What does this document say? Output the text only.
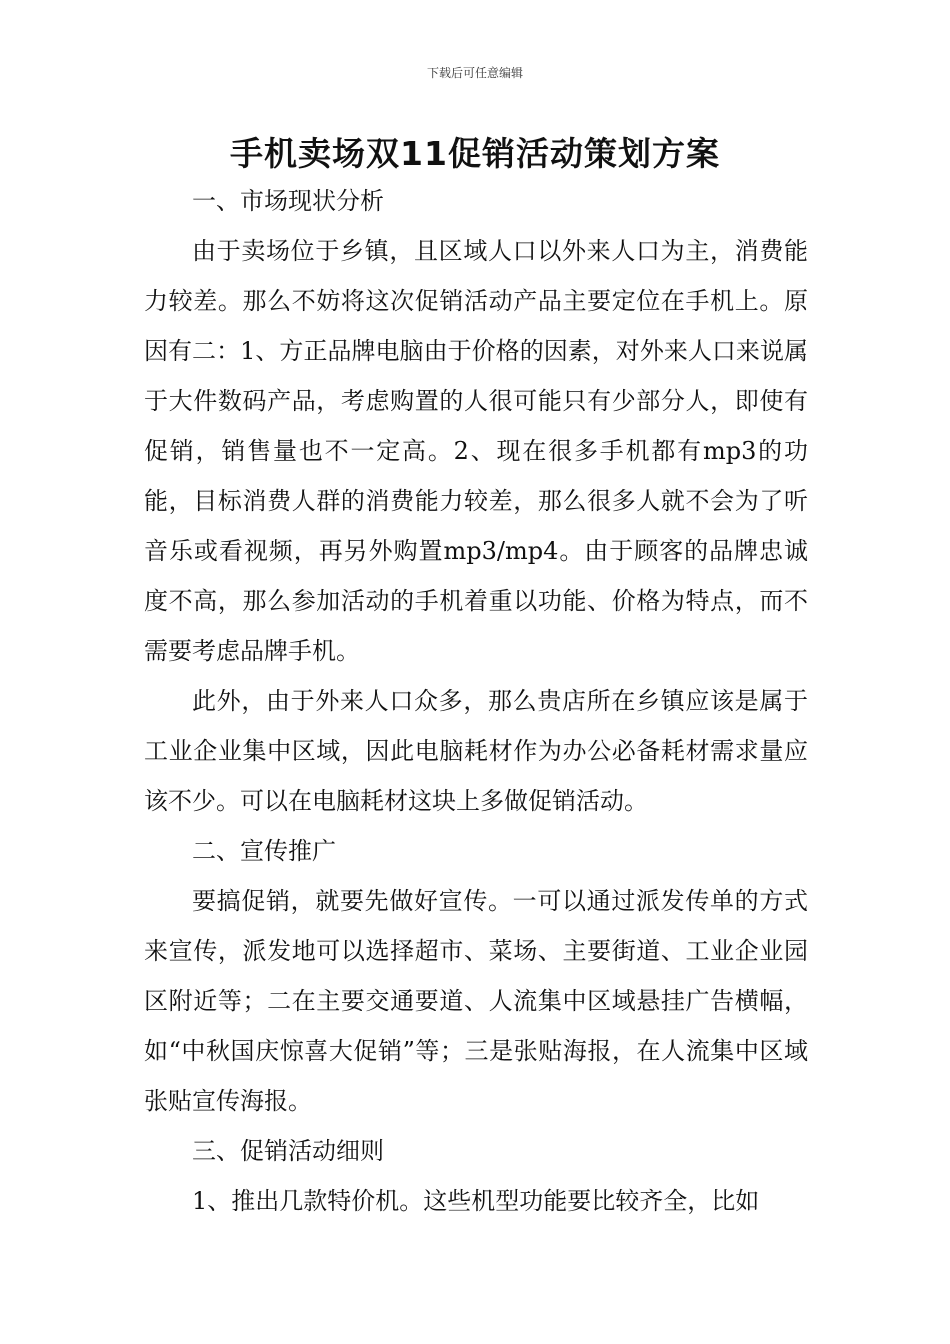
下载后可任意编辑
手机卖场双11促销活动策划方案

一、市场现状分析

由于卖场位于乡镇，且区域人口以外来人口为主，消费能力较差。那么不妨将这次促销活动产品主要定位在手机上。原因有二：1、方正品牌电脑由于价格的因素，对外来人口来说属于大件数码产品，考虑购置的人很可能只有少部分人，即使有促销，销售量也不一定高。2、现在很多手机都有mp3的功能，目标消费人群的消费能力较差，那么很多人就不会为了听音乐或看视频，再另外购置mp3/mp4。由于顾客的品牌忠诚度不高，那么参加活动的手机着重以功能、价格为特点，而不需要考虑品牌手机。

此外，由于外来人口众多，那么贵店所在乡镇应该是属于工业企业集中区域，因此电脑耗材作为办公必备耗材需求量应该不少。可以在电脑耗材这块上多做促销活动。

二、宣传推广

要搞促销，就要先做好宣传。一可以通过派发传单的方式来宣传，派发地可以选择超市、菜场、主要街道、工业企业园区附近等；二在主要交通要道、人流集中区域悬挂广告横幅，如“中秋国庆惊喜大促销”等；三是张贴海报，在人流集中区域张贴宣传海报。

三、促销活动细则

1、推出几款特价机。这些机型功能要比较齐全，比如
